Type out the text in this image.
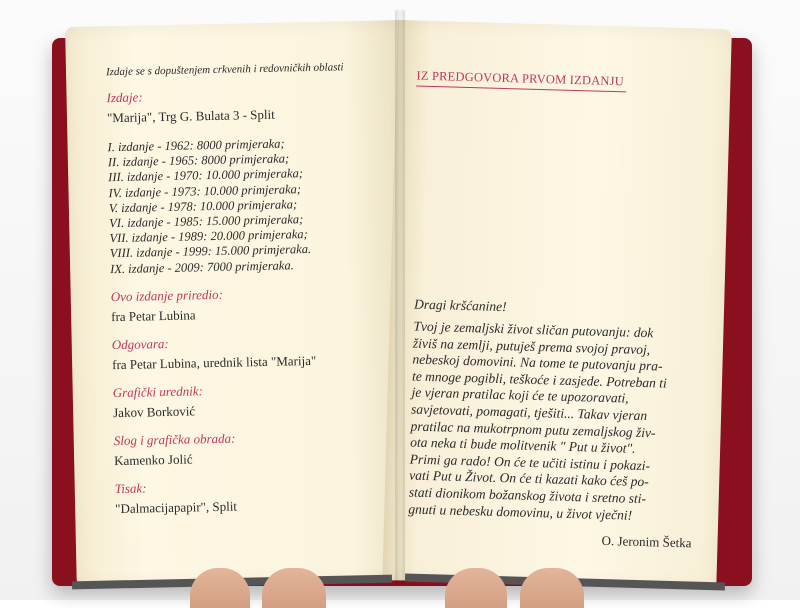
Izdaje se s dopuštenjem crkvenih i redovničkih oblasti

Izdaje:

"Marija", Trg G. Bulata 3 - Split

I. izdanje - 1962: 8000 primjeraka;

II. izdanje - 1965: 8000 primjeraka;

III. izdanje - 1970: 10.000 primjeraka;

IV. izdanje - 1973: 10.000 primjeraka;

V. izdanje - 1978: 10.000 primjeraka;

VI. izdanje - 1985: 15.000 primjeraka;

VII. izdanje - 1989: 20.000 primjeraka;

VIII. izdanje - 1999: 15.000 primjeraka.

IX. izdanje - 2009: 7000 primjeraka.

Ovo izdanje priredio:

fra Petar Lubina

Odgovara:

fra Petar Lubina, urednik lista "Marija"

Grafički urednik:

Jakov Borković

Slog i grafička obrada:

Kamenko Jolić

Tisak:

"Dalmacijapapir", Split

IZ PREDGOVORA PRVOM IZDANJU

Dragi kršćanine!

Tvoj je zemaljski život sličan putovanju: dok

živiš na zemlji, putuješ prema svojoj pravoj,

nebeskoj domovini. Na tome te putovanju pra-

te mnoge pogibli, teškoće i zasjede. Potreban ti

je vjeran pratilac koji će te upozoravati,

savjetovati, pomagati, tješiti... Takav vjeran

pratilac na mukotrpnom putu zemaljskog živ-

ota neka ti bude molitvenik " Put u život".

Primi ga rado! On će te učiti istinu i pokazi-

vati Put u Život. On će ti kazati kako ćeš po-

stati dionikom božanskog života i sretno sti-

gnuti u nebesku domovinu, u život vječni!

O. Jeronim Šetka
